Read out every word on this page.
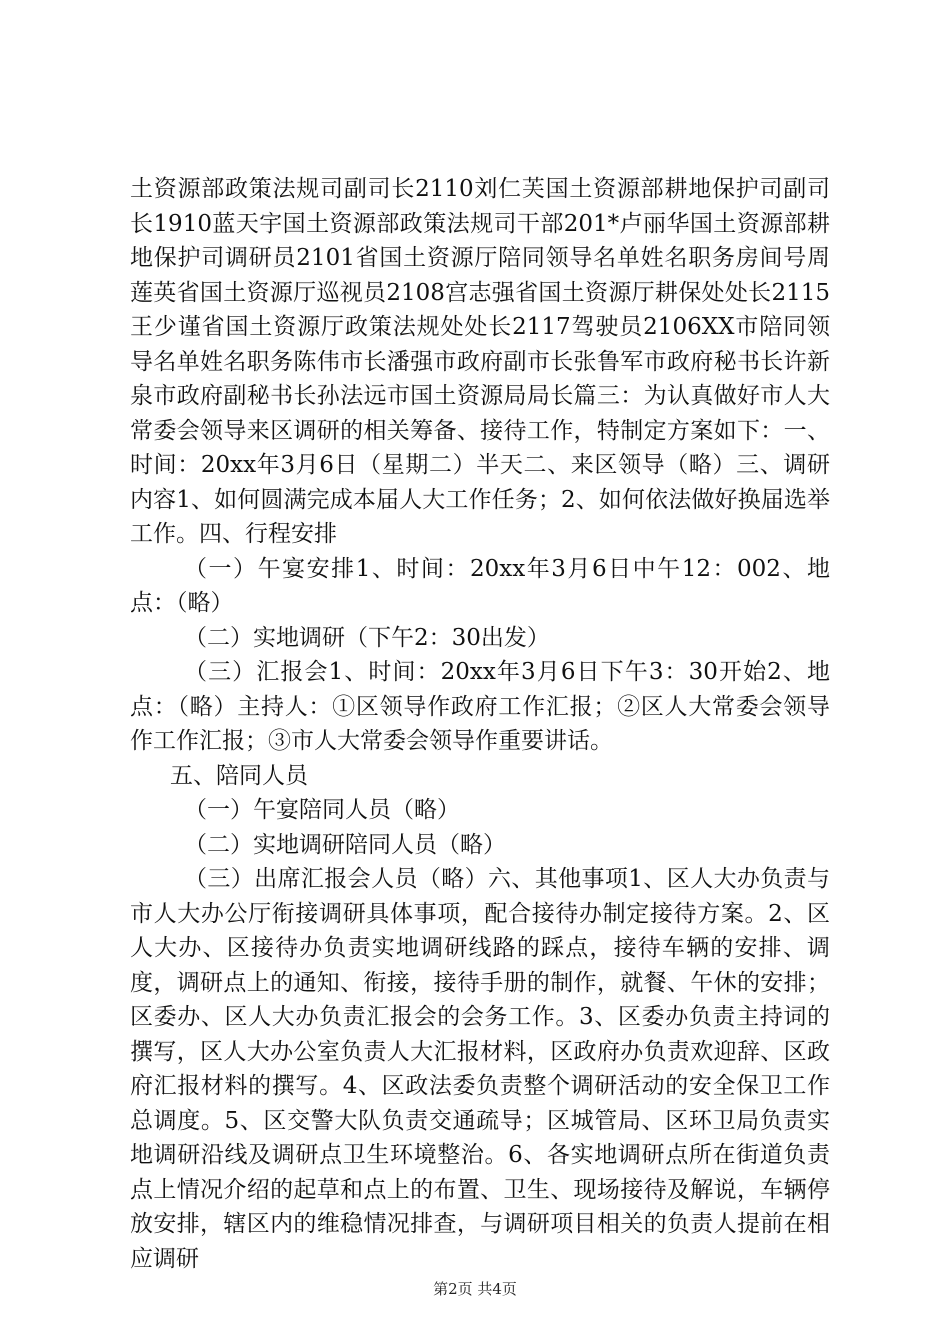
土资源部政策法规司副司长2110刘仁芙国土资源部耕地保护司副司长1910蓝天宇国土资源部政策法规司干部201*卢丽华国土资源部耕地保护司调研员2101省国土资源厅陪同领导名单姓名职务房间号周莲英省国土资源厅巡视员2108宫志强省国土资源厅耕保处处长2115王少谨省国土资源厅政策法规处处长2117驾驶员2106XX市陪同领导名单姓名职务陈伟市长潘强市政府副市长张鲁军市政府秘书长许新泉市政府副秘书长孙法远市国土资源局局长篇三：为认真做好市人大常委会领导来区调研的相关筹备、接待工作，特制定方案如下：一、时间：20xx年3月6日（星期二）半天二、来区领导（略）三、调研内容1、如何圆满完成本届人大工作任务；2、如何依法做好换届选举工作。四、行程安排

（一）午宴安排1、时间：20xx年3月6日中午12：002、地点：（略）

（二）实地调研（下午2：30出发）

（三）汇报会1、时间：20xx年3月6日下午3：30开始2、地点：（略）主持人：①区领导作政府工作汇报；②区人大常委会领导作工作汇报；③市人大常委会领导作重要讲话。

五、陪同人员

（一）午宴陪同人员（略）

（二）实地调研陪同人员（略）

（三）出席汇报会人员（略）六、其他事项1、区人大办负责与市人大办公厅衔接调研具体事项，配合接待办制定接待方案。2、区人大办、区接待办负责实地调研线路的踩点，接待车辆的安排、调度，调研点上的通知、衔接，接待手册的制作，就餐、午休的安排；区委办、区人大办负责汇报会的会务工作。3、区委办负责主持词的撰写，区人大办公室负责人大汇报材料，区政府办负责欢迎辞、区政府汇报材料的撰写。4、区政法委负责整个调研活动的安全保卫工作总调度。5、区交警大队负责交通疏导；区城管局、区环卫局负责实地调研沿线及调研点卫生环境整治。6、各实地调研点所在街道负责点上情况介绍的起草和点上的布置、卫生、现场接待及解说，车辆停放安排，辖区内的维稳情况排查，与调研项目相关的负责人提前在相应调研

第2页 共4页
